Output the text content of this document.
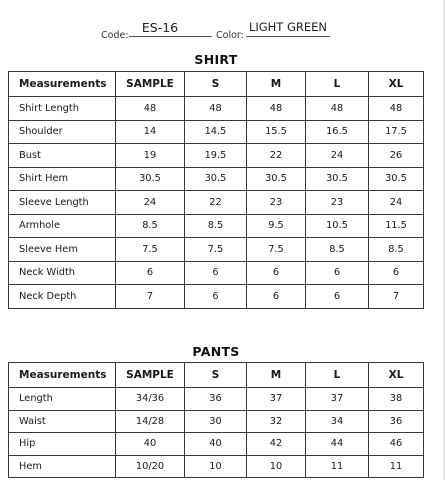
Code:
ES-16
Color:
LIGHT GREEN
SHIRT
Measurements	SAMPLE	S	M	L	XL
Shirt Length	48	48	48	48	48
Shoulder	14	14.5	15.5	16.5	17.5
Bust	19	19.5	22	24	26
Shirt Hem	30.5	30.5	30.5	30.5	30.5
Sleeve Length	24	22	23	23	24
Armhole	8.5	8.5	9.5	10.5	11.5
Sleeve Hem	7.5	7.5	7.5	8.5	8.5
Neck Width	6	6	6	6	6
Neck Depth	7	6	6	6	7
PANTS
Measurements	SAMPLE	S	M	L	XL
Length	34/36	36	37	37	38
Waist	14/28	30	32	34	36
Hip	40	40	42	44	46
Hem	10/20	10	10	11	11
